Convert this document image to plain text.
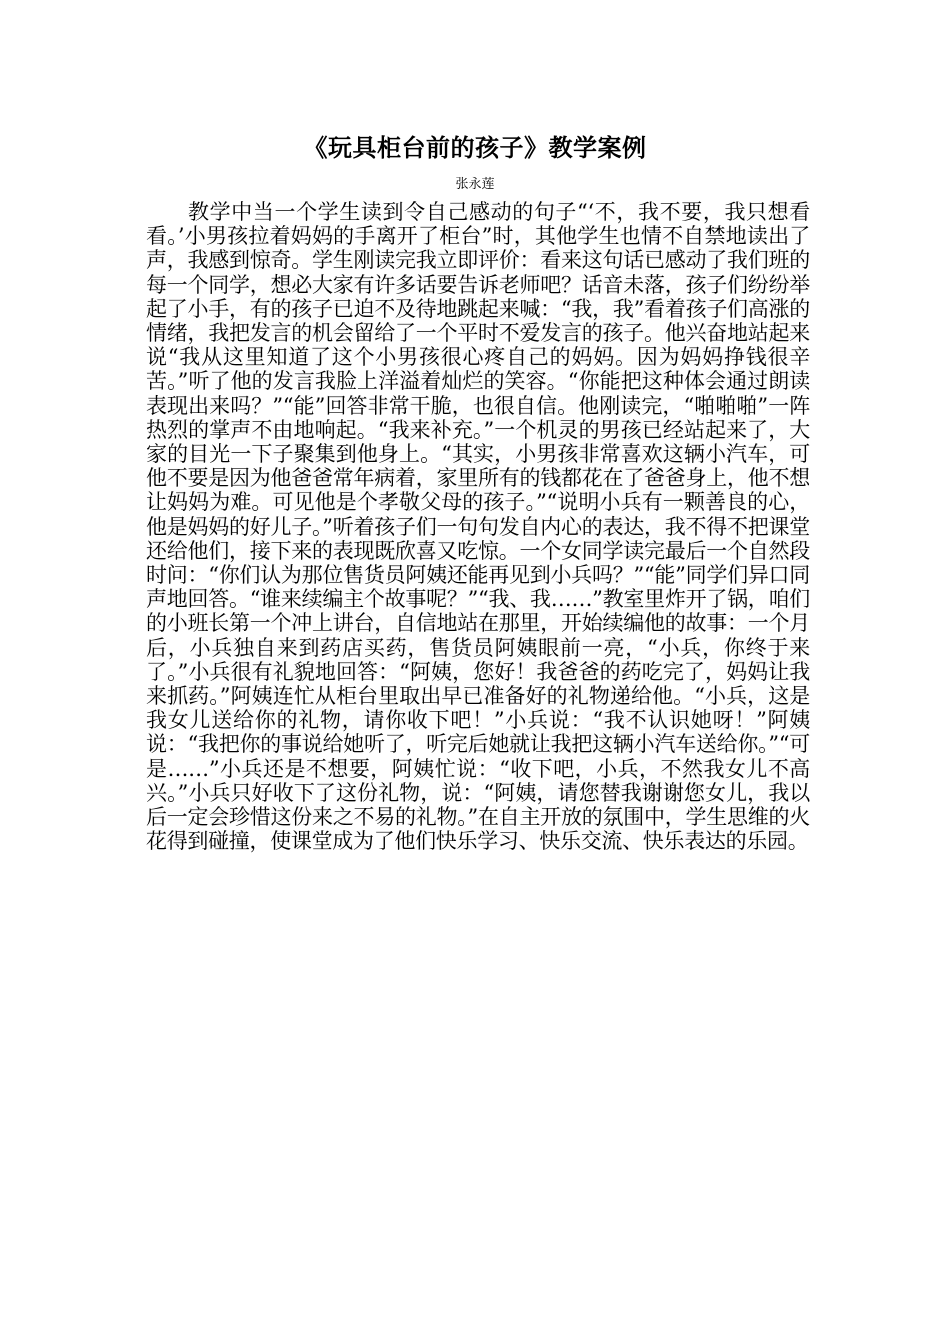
《玩具柜台前的孩子》教学案例
张永莲

教学中当一个学生读到令自己感动的句子“‘不，我不要，我只想看看。’小男孩拉着妈妈的手离开了柜台”时，其他学生也情不自禁地读出了声，我感到惊奇。学生刚读完我立即评价：看来这句话已感动了我们班的每一个同学，想必大家有许多话要告诉老师吧？话音未落，孩子们纷纷举起了小手，有的孩子已迫不及待地跳起来喊：“我，我”看着孩子们高涨的情绪，我把发言的机会留给了一个平时不爱发言的孩子。他兴奋地站起来说“我从这里知道了这个小男孩很心疼自己的妈妈。因为妈妈挣钱很辛苦。”听了他的发言我脸上洋溢着灿烂的笑容。“你能把这种体会通过朗读表现出来吗？”“能”回答非常干脆，也很自信。他刚读完，“啪啪啪”一阵热烈的掌声不由地响起。“我来补充。”一个机灵的男孩已经站起来了，大家的目光一下子聚集到他身上。“其实，小男孩非常喜欢这辆小汽车，可他不要是因为他爸爸常年病着，家里所有的钱都花在了爸爸身上，他不想让妈妈为难。可见他是个孝敬父母的孩子。”“说明小兵有一颗善良的心，他是妈妈的好儿子。”听着孩子们一句句发自内心的表达，我不得不把课堂还给他们，接下来的表现既欣喜又吃惊。一个女同学读完最后一个自然段时问：“你们认为那位售货员阿姨还能再见到小兵吗？”“能”同学们异口同声地回答。“谁来续编主个故事呢？”“我、我……”教室里炸开了锅，咱们的小班长第一个冲上讲台，自信地站在那里，开始续编他的故事：一个月后，小兵独自来到药店买药，售货员阿姨眼前一亮，“小兵，你终于来了。”小兵很有礼貌地回答：“阿姨，您好！我爸爸的药吃完了，妈妈让我来抓药。”阿姨连忙从柜台里取出早已准备好的礼物递给他。“小兵，这是我女儿送给你的礼物，请你收下吧！”小兵说：“我不认识她呀！”阿姨说：“我把你的事说给她听了，听完后她就让我把这辆小汽车送给你。”“可是……”小兵还是不想要，阿姨忙说：“收下吧，小兵，不然我女儿不高兴。”小兵只好收下了这份礼物，说：“阿姨，请您替我谢谢您女儿，我以后一定会珍惜这份来之不易的礼物。”在自主开放的氛围中，学生思维的火花得到碰撞，使课堂成为了他们快乐学习、快乐交流、快乐表达的乐园。
